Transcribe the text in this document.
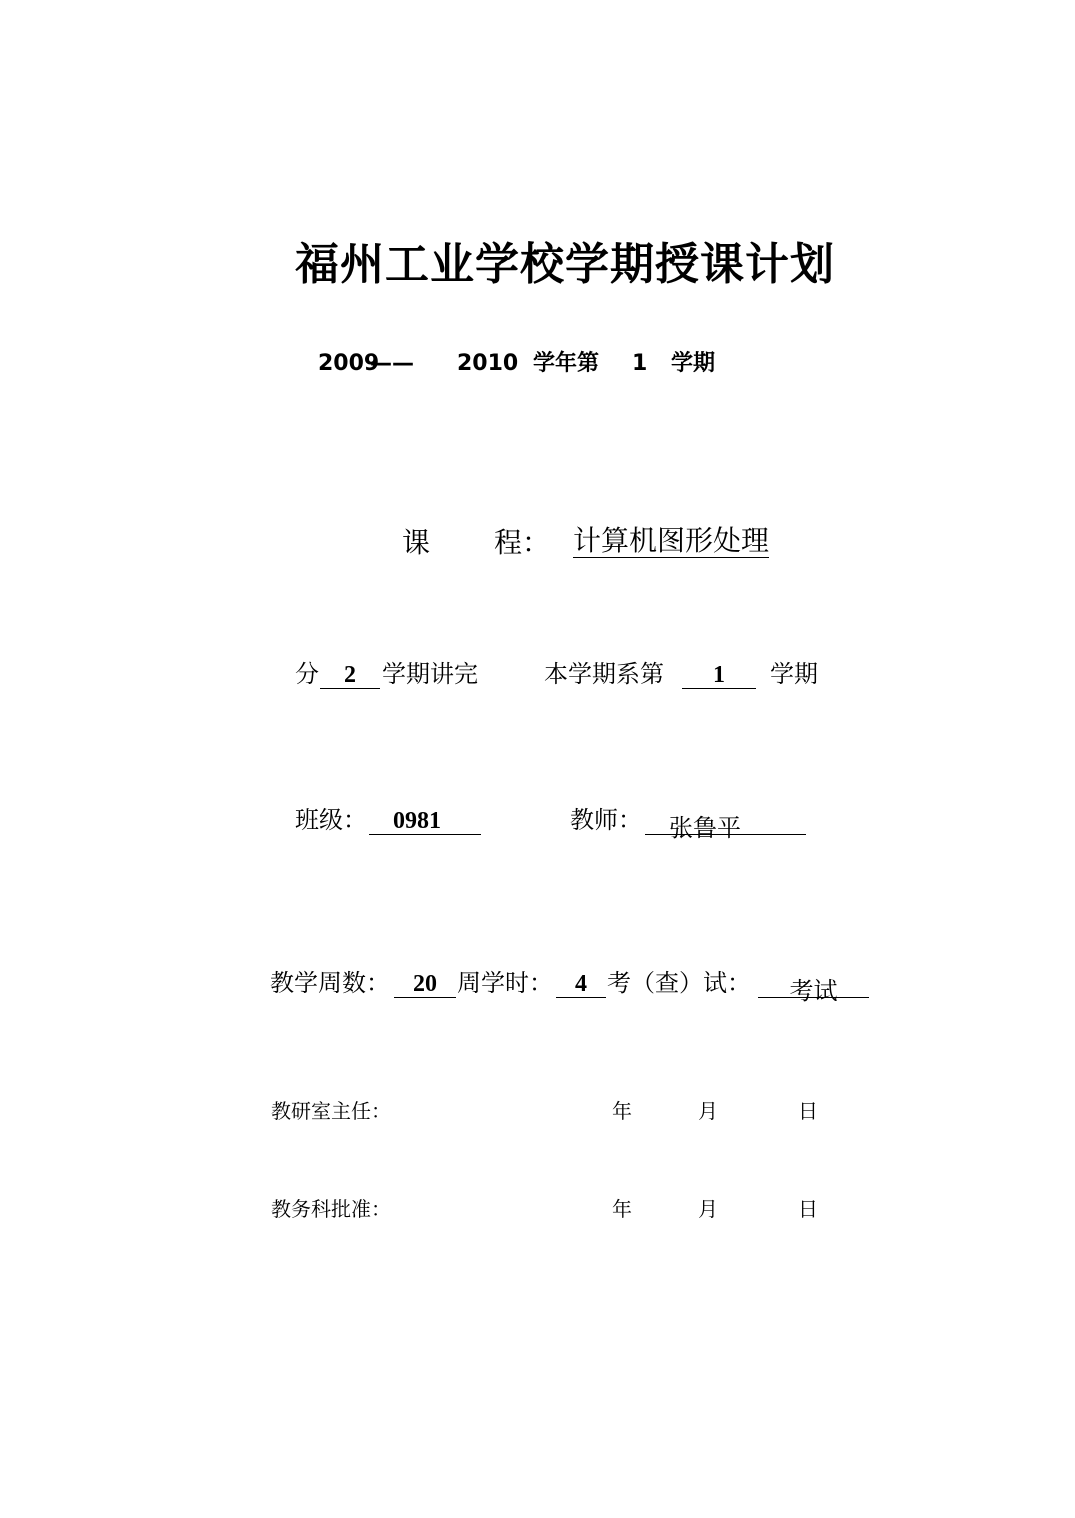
福州工业学校学期授课计划
2009
—— 2010 学年第 1 学期
课 程： 计算机图形处理
分	2	学期讲完	本学期系第	1	学期
班级：	0981	教师：	张鲁平
教学周数： 20 周学时： 4 考（查）试：	考试
教研室主任：	年	月	日
教务科批准：	年	月	日
